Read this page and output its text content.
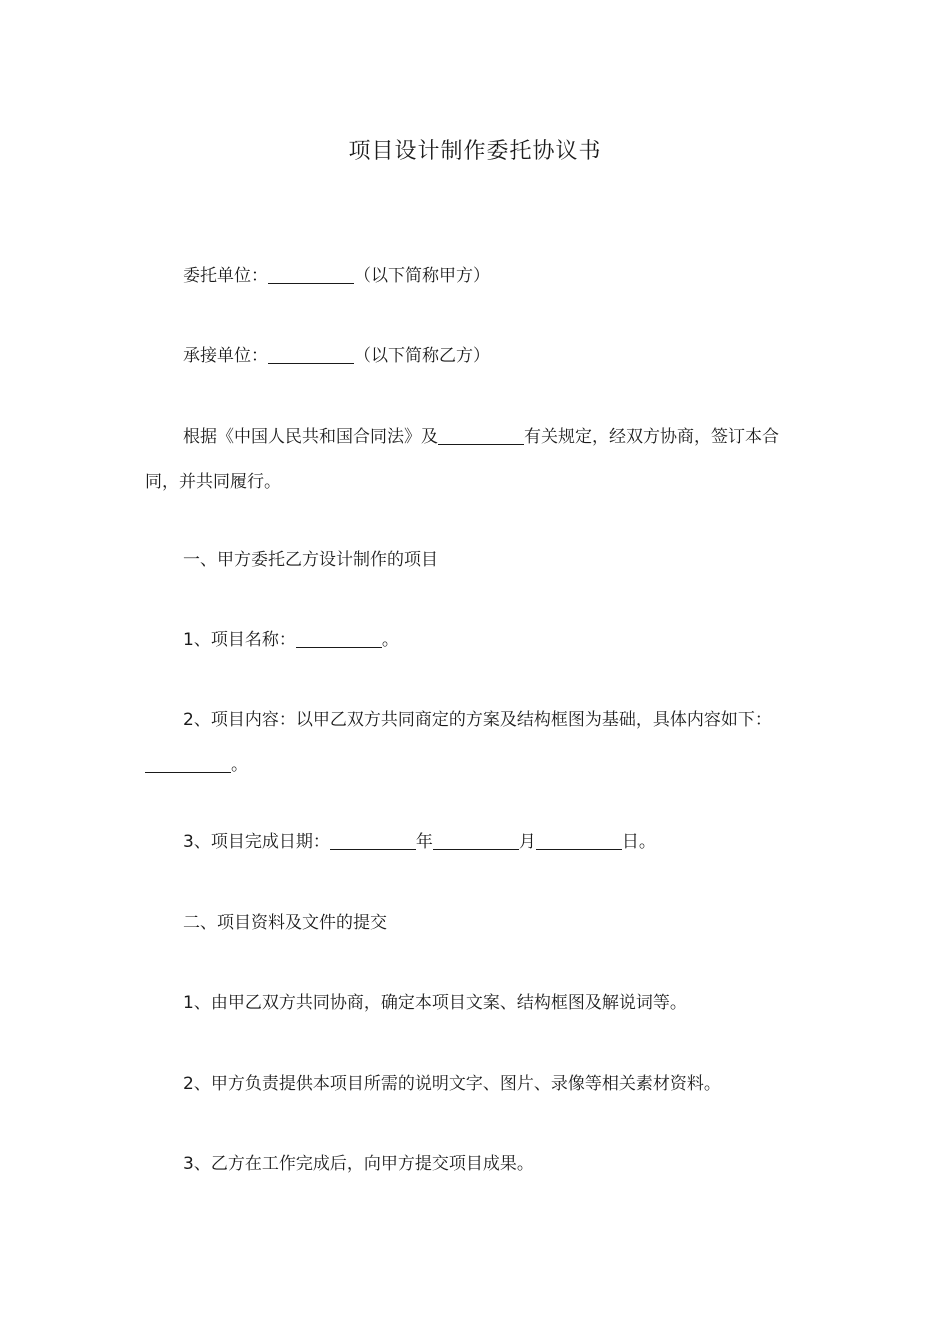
项目设计制作委托协议书

委托单位：	（以下简称甲方）

承接单位：	（以下简称乙方）

根据《中国人民共和国合同法》及	有关规定，经双方协商，签订本合同，并共同履行。

一、甲方委托乙方设计制作的项目

1、项目名称：	。

2、项目内容：以甲乙双方共同商定的方案及结构框图为基础，具体内容如下：。

3、项目完成日期：	年	月	日。

二、项目资料及文件的提交

1、由甲乙双方共同协商，确定本项目文案、结构框图及解说词等。

2、甲方负责提供本项目所需的说明文字、图片、录像等相关素材资料。

3、乙方在工作完成后，向甲方提交项目成果。
